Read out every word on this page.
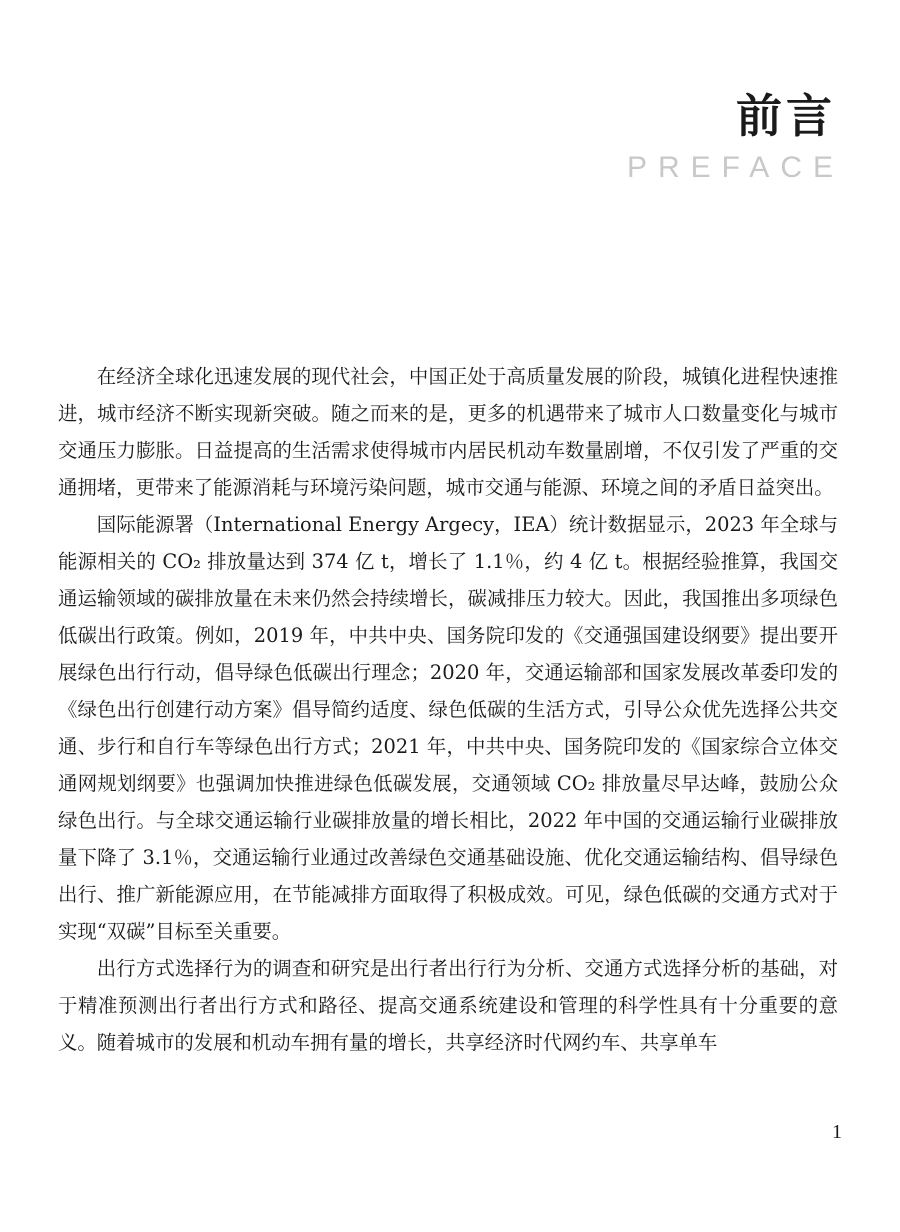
前言
PREFACE

在经济全球化迅速发展的现代社会，中国正处于高质量发展的阶段，城镇化进程快速推进，城市经济不断实现新突破。随之而来的是，更多的机遇带来了城市人口数量变化与城市交通压力膨胀。日益提高的生活需求使得城市内居民机动车数量剧增，不仅引发了严重的交通拥堵，更带来了能源消耗与环境污染问题，城市交通与能源、环境之间的矛盾日益突出。

国际能源署（International Energy Argecy，IEA）统计数据显示，2023 年全球与能源相关的 CO₂ 排放量达到 374 亿 t，增长了 1.1％，约 4 亿 t。根据经验推算，我国交通运输领域的碳排放量在未来仍然会持续增长，碳减排压力较大。因此，我国推出多项绿色低碳出行政策。例如，2019 年，中共中央、国务院印发的《交通强国建设纲要》提出要开展绿色出行行动，倡导绿色低碳出行理念；2020 年，交通运输部和国家发展改革委印发的《绿色出行创建行动方案》倡导简约适度、绿色低碳的生活方式，引导公众优先选择公共交通、步行和自行车等绿色出行方式；2021 年，中共中央、国务院印发的《国家综合立体交通网规划纲要》也强调加快推进绿色低碳发展，交通领域 CO₂ 排放量尽早达峰，鼓励公众绿色出行。与全球交通运输行业碳排放量的增长相比，2022 年中国的交通运输行业碳排放量下降了 3.1％，交通运输行业通过改善绿色交通基础设施、优化交通运输结构、倡导绿色出行、推广新能源应用，在节能减排方面取得了积极成效。可见，绿色低碳的交通方式对于实现“双碳”目标至关重要。

出行方式选择行为的调查和研究是出行者出行行为分析、交通方式选择分析的基础，对于精准预测出行者出行方式和路径、提高交通系统建设和管理的科学性具有十分重要的意义。随着城市的发展和机动车拥有量的增长，共享经济时代网约车、共享单车

1
